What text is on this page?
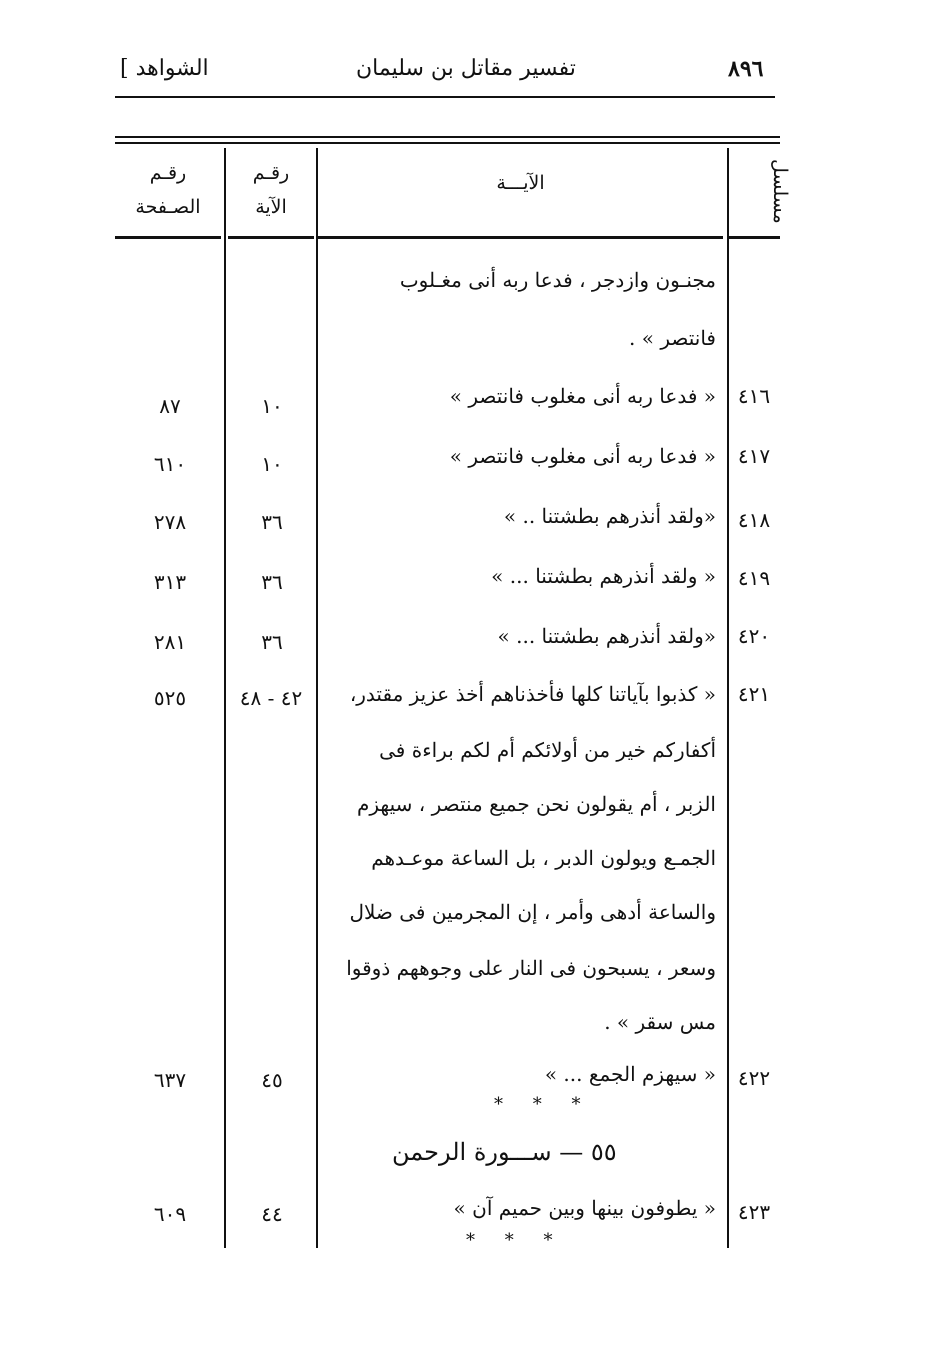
٨٩٦
تفسير مقاتل بن سليمان
[ الشواهد
مسلسل
الآيـــة
رقـم الآية
رقـم الصـفحة
مجنـون وازدجر ، فدعا ربه أنى مغـلوب
فانتصر » .
٤١٦
« فدعا ربه أنى مغلوب فانتصر »
١٠
٨٧
٤١٧
« فدعا ربه أنى مغلوب فانتصر »
١٠
٦١٠
٤١٨
«ولقد أنذرهم بطشتنا .. »
٣٦
٢٧٨
٤١٩
« ولقد أنذرهم بطشتنا ... »
٣٦
٣١٣
٤٢٠
«ولقد أنذرهم بطشتنا ... »
٣٦
٢٨١
٤٢١
« كذبوا بآياتنا كلها فأخذناهم أخذ عزيز مقتدر،
أكفاركم خير من أولائكم أم لكم براءة فى
الزبر ، أم يقولون نحن جميع منتصر ، سيهزم
الجمـع ويولون الدبر ، بل الساعة موعـدهم
والساعة أدهى وأمر ، إن المجرمين فى ضلال
وسعر ، يسبحون فى النار على وجوههم ذوقوا
مس سقر » .
٤٢ - ٤٨
٥٢٥
٤٢٢
« سيهزم الجمع ... »
٤٥
٦٣٧
* * *
٥٥ — ســـورة الرحمن
٤٢٣
« يطوفون بينها وبين حميم آن »
٤٤
٦٠٩
* * *
